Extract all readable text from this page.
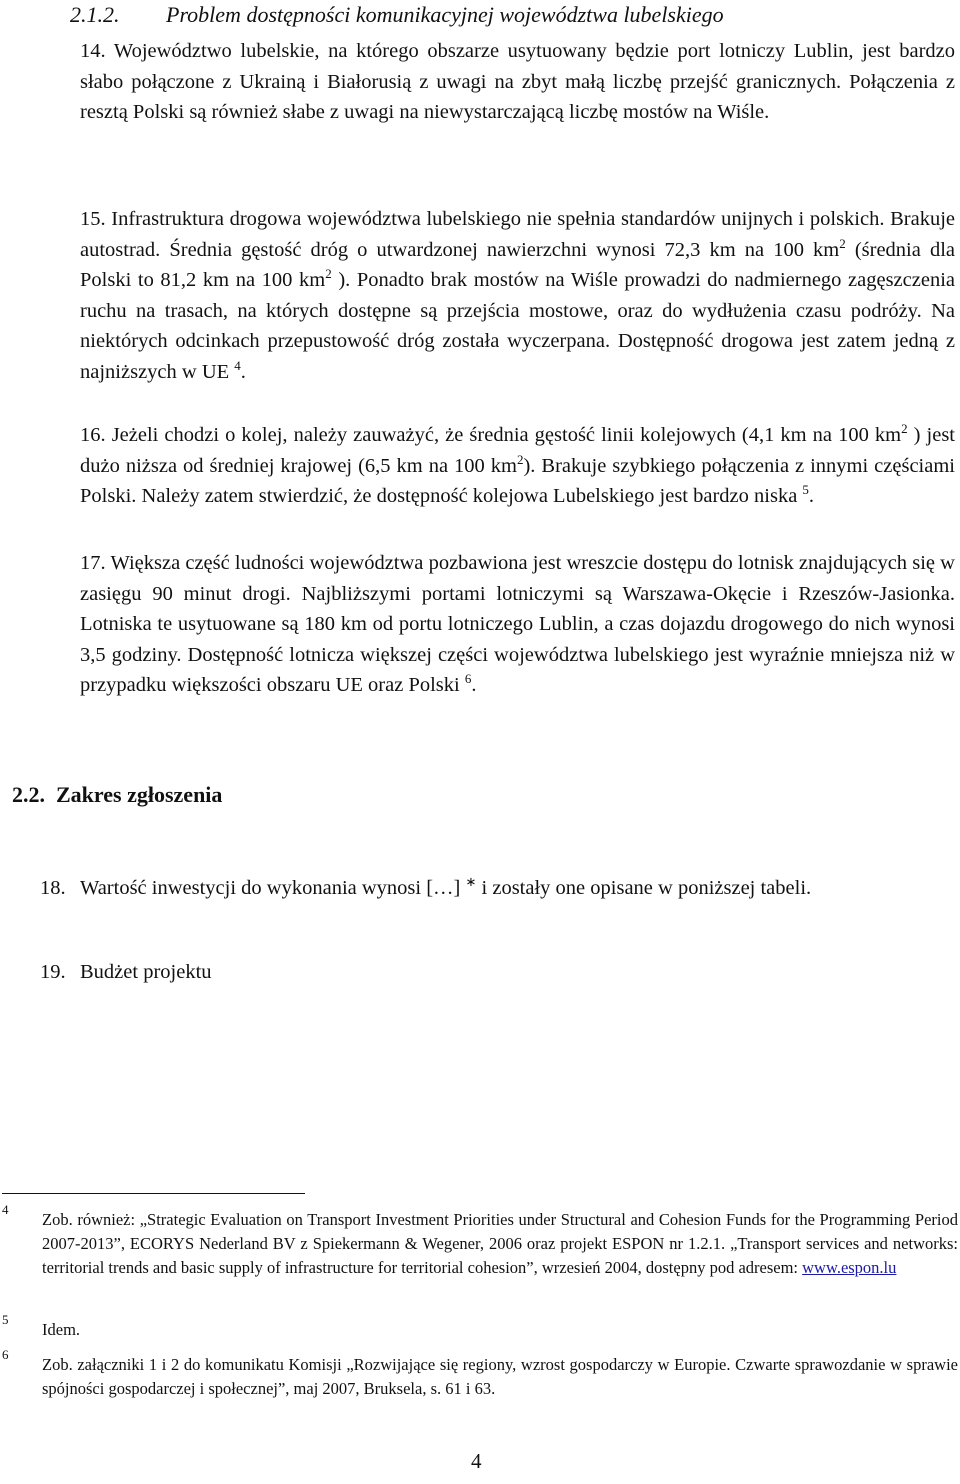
2.1.2. Problem dostępności komunikacyjnej województwa lubelskiego
14. Województwo lubelskie, na którego obszarze usytuowany będzie port lotniczy Lublin, jest bardzo słabo połączone z Ukrainą i Białorusią z uwagi na zbyt małą liczbę przejść granicznych. Połączenia z resztą Polski są również słabe z uwagi na niewystarczającą liczbę mostów na Wiśle.
15. Infrastruktura drogowa województwa lubelskiego nie spełnia standardów unijnych i polskich. Brakuje autostrad. Średnia gęstość dróg o utwardzonej nawierzchni wynosi 72,3 km na 100 $km^2$ (średnia dla Polski to 81,2 km na 100 $km^2$ ). Ponadto brak mostów na Wiśle prowadzi do nadmiernego zagęszczenia ruchu na trasach, na których dostępne są przejścia mostowe, oraz do wydłużenia czasu podróży. Na niektórych odcinkach przepustowość dróg została wyczerpana. Dostępność drogowa jest zatem jedną z najniższych w UE $^4$.
16. Jeżeli chodzi o kolej, należy zauważyć, że średnia gęstość linii kolejowych (4,1 km na 100 $km^2$ ) jest dużo niższa od średniej krajowej (6,5 km na 100 $km^2$). Brakuje szybkiego połączenia z innymi częściami Polski. Należy zatem stwierdzić, że dostępność kolejowa Lubelskiego jest bardzo niska $^5$.
17. Większa część ludności województwa pozbawiona jest wreszcie dostępu do lotnisk znajdujących się w zasięgu 90 minut drogi. Najbliższymi portami lotniczymi są Warszawa-Okęcie i Rzeszów-Jasionka. Lotniska te usytuowane są 180 km od portu lotniczego Lublin, a czas dojazdu drogowego do nich wynosi 3,5 godziny. Dostępność lotnicza większej części województwa lubelskiego jest wyraźnie mniejsza niż w przypadku większości obszaru UE oraz Polski $^6$.
2.2. Zakres zgłoszenia
18. Wartość inwestycji do wykonania wynosi […] ∗ i zostały one opisane w poniższej tabeli.
19. Budżet projektu
4
Zob. również: „Strategic Evaluation on Transport Investment Priorities under Structural and Cohesion Funds for the Programming Period 2007-2013”, ECORYS Nederland BV z Spiekermann & Wegener, 2006 oraz projekt ESPON nr 1.2.1. „Transport services and networks: territorial trends and basic supply of infrastructure for territorial cohesion”, wrzesień 2004, dostępny pod adresem: www.espon.lu
5
Idem.
6
Zob. załączniki 1 i 2 do komunikatu Komisji „Rozwijające się regiony, wzrost gospodarczy w Europie. Czwarte sprawozdanie w sprawie spójności gospodarczej i społecznej”, maj 2007, Bruksela, s. 61 i 63.
4
